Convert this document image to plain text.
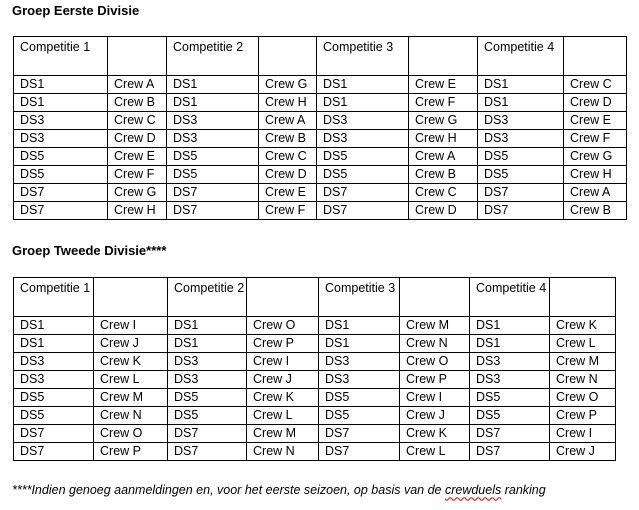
Groep Eerste Divisie
Competitie 1		Competitie 2		Competitie 3		Competitie 4	
DS1	Crew A	DS1	Crew G	DS1	Crew E	DS1	Crew C
DS1	Crew B	DS1	Crew H	DS1	Crew F	DS1	Crew D
DS3	Crew C	DS3	Crew A	DS3	Crew G	DS3	Crew E
DS3	Crew D	DS3	Crew B	DS3	Crew H	DS3	Crew F
DS5	Crew E	DS5	Crew C	DS5	Crew A	DS5	Crew G
DS5	Crew F	DS5	Crew D	DS5	Crew B	DS5	Crew H
DS7	Crew G	DS7	Crew E	DS7	Crew C	DS7	Crew A
DS7	Crew H	DS7	Crew F	DS7	Crew D	DS7	Crew B
Groep Tweede Divisie****
Competitie 1		Competitie 2		Competitie 3		Competitie 4	
DS1	Crew I	DS1	Crew O	DS1	Crew M	DS1	Crew K
DS1	Crew J	DS1	Crew P	DS1	Crew N	DS1	Crew L
DS3	Crew K	DS3	Crew I	DS3	Crew O	DS3	Crew M
DS3	Crew L	DS3	Crew J	DS3	Crew P	DS3	Crew N
DS5	Crew M	DS5	Crew K	DS5	Crew I	DS5	Crew O
DS5	Crew N	DS5	Crew L	DS5	Crew J	DS5	Crew P
DS7	Crew O	DS7	Crew M	DS7	Crew K	DS7	Crew I
DS7	Crew P	DS7	Crew N	DS7	Crew L	DS7	Crew J

****Indien genoeg aanmeldingen en, voor het eerste seizoen, op basis van de crewduels ranking
